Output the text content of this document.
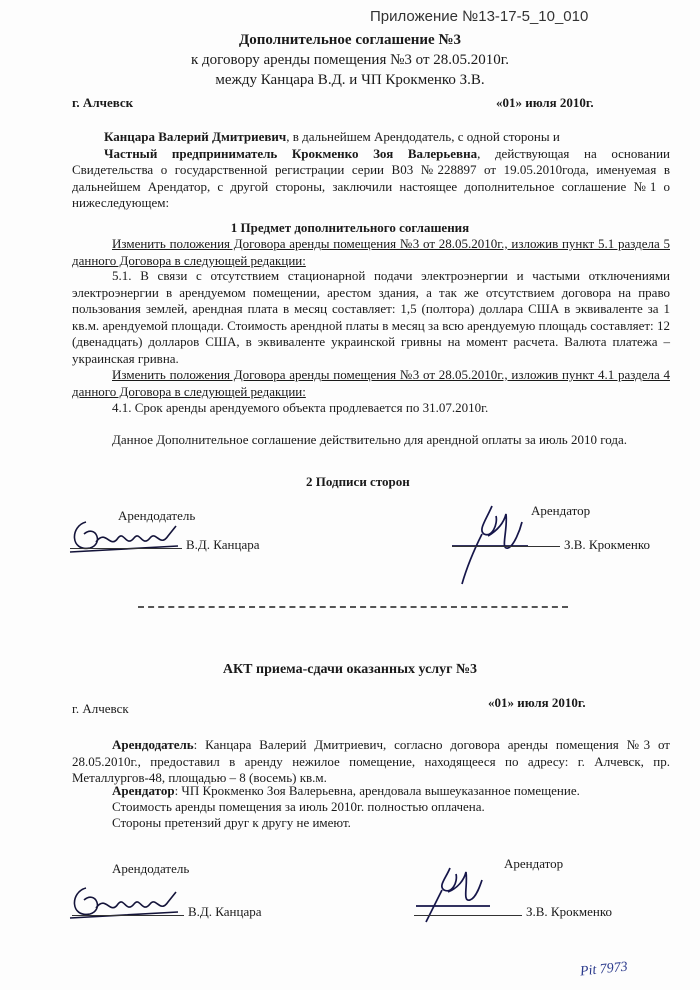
Приложение №13-17-5_10_010
Дополнительное соглашение №3
к договору аренды помещения №3 от 28.05.2010г.
между Канцара В.Д. и ЧП Крокменко З.В.
г. Алчевск	«01» июля 2010г.
Канцара Валерий Дмитриевич, в дальнейшем Арендодатель, с одной стороны и
Частный предприниматель Крокменко Зоя Валерьевна, действующая на основании Свидетельства о государственной регистрации серии В03 №228897 от 19.05.2010года, именуемая в дальнейшем Арендатор, с другой стороны, заключили настоящее дополнительное соглашение №1 о нижеследующем:
1 Предмет дополнительного соглашения
Изменить положения Договора аренды помещения №3 от 28.05.2010г., изложив пункт 5.1 раздела 5 данного Договора в следующей редакции:
5.1. В связи с отсутствием стационарной подачи электроэнергии и частыми отключениями электроэнергии в арендуемом помещении, арестом здания, а так же отсутствием договора на право пользования землей, арендная плата в месяц составляет: 1,5 (полтора) доллара США в эквиваленте за 1 кв.м. арендуемой площади. Стоимость арендной платы в месяц за всю арендуемую площадь составляет: 12 (двенадцать) долларов США, в эквиваленте украинской гривны на момент расчета. Валюта платежа – украинская гривна.
Изменить положения Договора аренды помещения №3 от 28.05.2010г., изложив пункт 4.1 раздела 4 данного Договора в следующей редакции:
4.1. Срок аренды арендуемого объекта продлевается по 31.07.2010г.
Данное Дополнительное соглашение действительно для арендной оплаты за июль 2010 года.
2 Подписи сторон
Арендодатель
В.Д. Канцара
Арендатор
З.В. Крокменко
АКТ приема-сдачи оказанных услуг №3
г. Алчевск	«01» июля 2010г.
Арендодатель: Канцара Валерий Дмитриевич, согласно договора аренды помещения №3 от 28.05.2010г., предоставил в аренду нежилое помещение, находящееся по адресу: г. Алчевск, пр. Металлургов-48, площадью – 8 (восемь) кв.м.
Арендатор: ЧП Крокменко Зоя Валерьевна, арендовала вышеуказанное помещение.
Стоимость аренды помещения за июль 2010г. полностью оплачена.
Стороны претензий друг к другу не имеют.
Арендодатель
В.Д. Канцара
Арендатор
З.В. Крокменко
Pit 7973
